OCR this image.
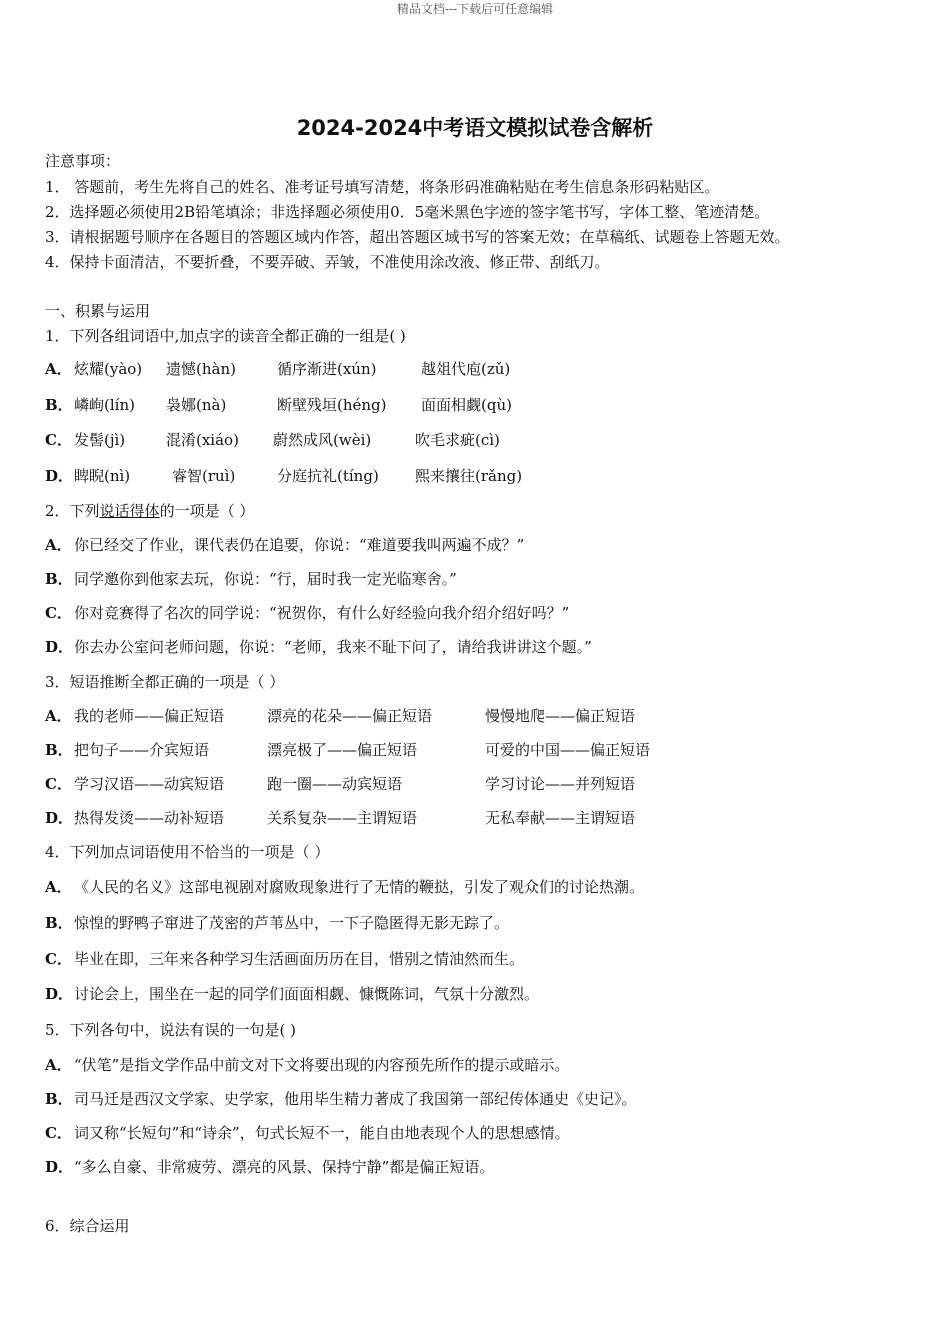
精品文档---下载后可任意编辑
2024-2024中考语文模拟试卷含解析
注意事项：
1． 答题前，考生先将自己的姓名、准考证号填写清楚，将条形码准确粘贴在考生信息条形码粘贴区。
2．选择题必须使用2B铅笔填涂；非选择题必须使用0．5毫米黑色字迹的签字笔书写，字体工整、笔迹清楚。
3．请根据题号顺序在各题目的答题区域内作答，超出答题区域书写的答案无效；在草稿纸、试题卷上答题无效。
4．保持卡面清洁，不要折叠，不要弄破、弄皱，不准使用涂改液、修正带、刮纸刀。
一、积累与运用
1．下列各组词语中,加点字的读音全都正确的一组是( )
A． 炫耀(yào) 遗憾(hàn)	循序渐进(xún)	越俎代庖(zǔ)
B． 嶙峋(lín) 袅娜(nà)	断壁残垣(héng) 面面相觑(qù)
C． 发髻(jì)	混淆(xiáo) 蔚然成风(wèi)	吹毛求疵(cì)
D． 睥睨(nì)	睿智(ruì)	分庭抗礼(tíng) 熙来攘往(rǎng)
2．下列说话得体的一项是（ ）
A． 你已经交了作业，课代表仍在追要，你说：“难道要我叫两遍不成？”
B．同学邀你到他家去玩，你说：“行，届时我一定光临寒舍。”
C． 你对竞赛得了名次的同学说：“祝贺你，有什么好经验向我介绍介绍好吗？”
D．你去办公室问老师问题，你说：“老师，我来不耻下问了，请给我讲讲这个题。”
3．短语推断全都正确的一项是（ ）
A． 我的老师——偏正短语	漂亮的花朵——偏正短语	慢慢地爬——偏正短语
B． 把句子——介宾短语	漂亮极了——偏正短语	可爱的中国——偏正短语
C． 学习汉语——动宾短语	跑一圈——动宾短语	学习讨论——并列短语
D． 热得发烫——动补短语	关系复杂——主谓短语	无私奉献——主谓短语
4．下列加点词语使用不恰当的一项是（ ）
A． 《人民的名义》这部电视剧对腐败现象进行了无情的鞭挞，引发了观众们的讨论热潮。
B．惊惶的野鸭子窜进了茂密的芦苇丛中，一下子隐匿得无影无踪了。
C． 毕业在即，三年来各种学习生活画面历历在目，惜别之情油然而生。
D．讨论会上，围坐在一起的同学们面面相觑、慷慨陈词，气氛十分激烈。
5．下列各句中，说法有误的一句是( )
A． “伏笔”是指文学作品中前文对下文将要出现的内容预先所作的提示或暗示。
B．司马迁是西汉文学家、史学家，他用毕生精力著成了我国第一部纪传体通史《史记》。
C． 词又称“长短句”和“诗余”，句式长短不一，能自由地表现个人的思想感情。
D．“多么自豪、非常疲劳、漂亮的风景、保持宁静”都是偏正短语。
6．综合运用
